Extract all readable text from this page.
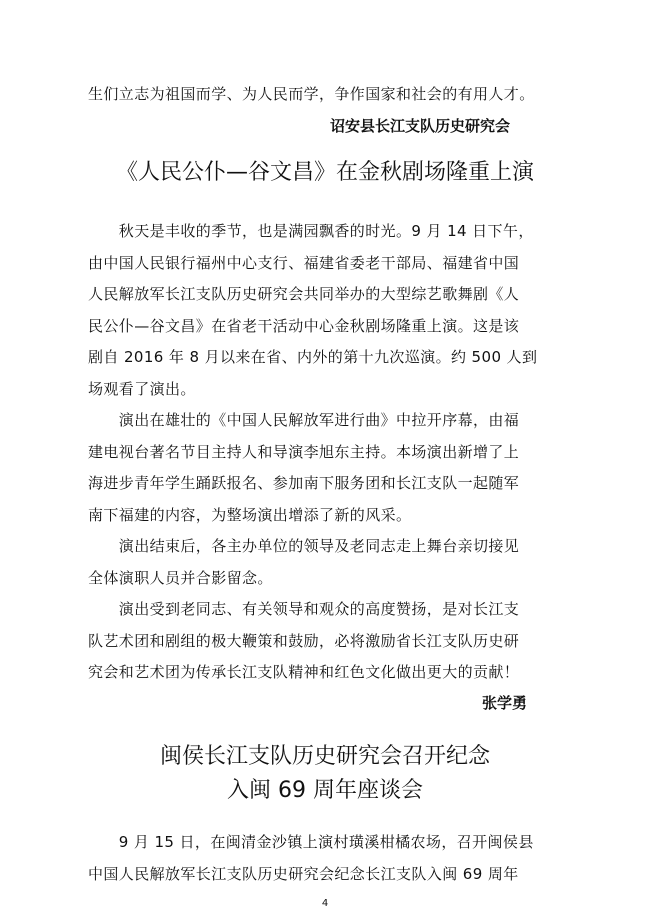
生们立志为祖国而学、为人民而学，争作国家和社会的有用人才。
诏安县长江支队历史研究会
《人民公仆—谷文昌》在金秋剧场隆重上演
　　秋天是丰收的季节，也是满园飘香的时光。9 月 14 日下午，
由中国人民银行福州中心支行、福建省委老干部局、福建省中国
人民解放军长江支队历史研究会共同举办的大型综艺歌舞剧《人
民公仆—谷文昌》在省老干活动中心金秋剧场隆重上演。这是该
剧自 2016 年 8 月以来在省、内外的第十九次巡演。约 500 人到
场观看了演出。
　　演出在雄壮的《中国人民解放军进行曲》中拉开序幕，由福
建电视台著名节目主持人和导演李旭东主持。本场演出新增了上
海进步青年学生踊跃报名、参加南下服务团和长江支队一起随军
南下福建的内容，为整场演出增添了新的风采。
　　演出结束后，各主办单位的领导及老同志走上舞台亲切接见
全体演职人员并合影留念。
　　演出受到老同志、有关领导和观众的高度赞扬，是对长江支
队艺术团和剧组的极大鞭策和鼓励，必将激励省长江支队历史研
究会和艺术团为传承长江支队精神和红色文化做出更大的贡献！
张学勇
闽侯长江支队历史研究会召开纪念
入闽 69 周年座谈会
　　9 月 15 日，在闽清金沙镇上演村璜溪柑橘农场，召开闽侯县
中国人民解放军长江支队历史研究会纪念长江支队入闽 69 周年
4
